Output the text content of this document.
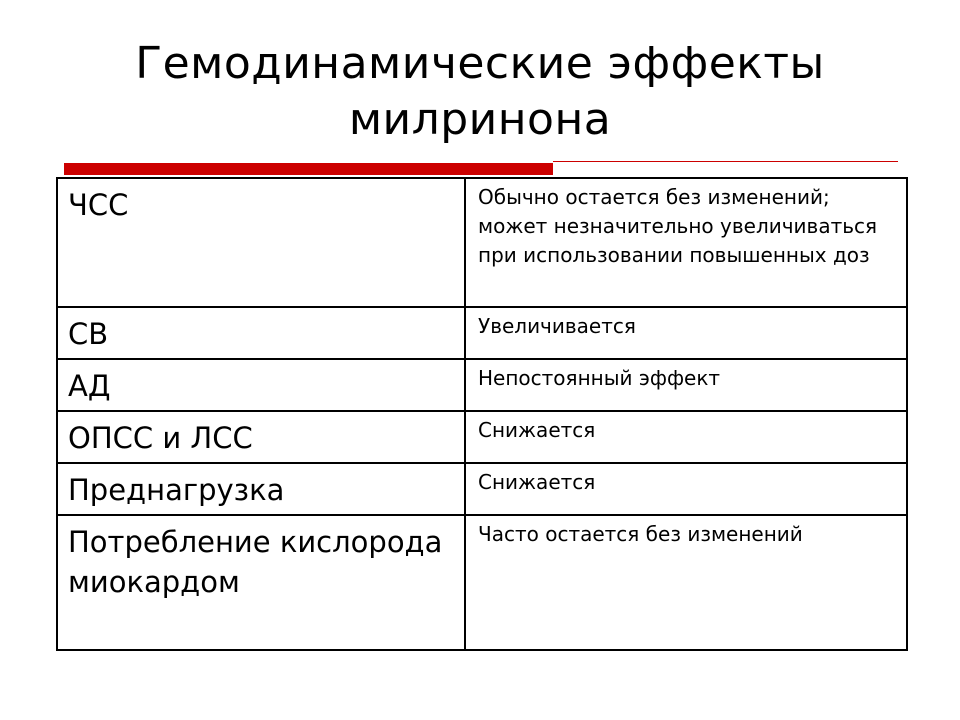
Гемодинамические эффекты
милринона
ЧСС	Обычно остается без изменений; может незначительно увеличиваться при использовании повышенных доз
СВ	Увеличивается
АД	Непостоянный эффект
ОПСС и ЛСС	Снижается
Преднагрузка	Снижается
Потребление кислорода миокардом	Часто остается без изменений
